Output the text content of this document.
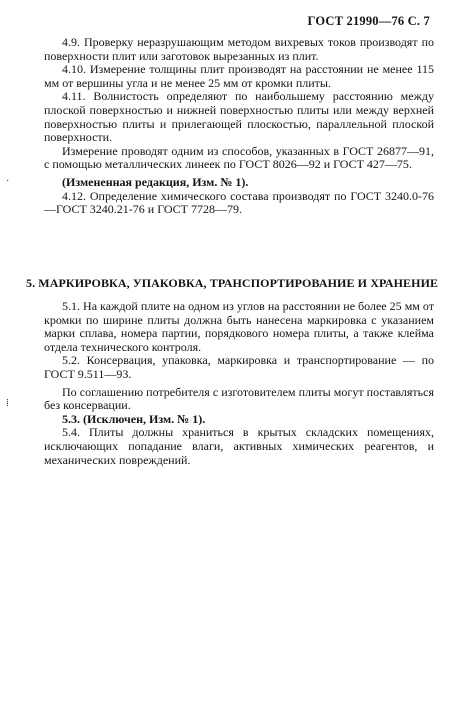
ГОСТ 21990—76 С. 7

4.9. Проверку неразрушающим методом вихревых токов производят по поверхности плит или заготовок вырезанных из плит.

4.10. Измерение толщины плит производят на расстоянии не менее 115 мм от вершины угла и не менее 25 мм от кромки плиты.

4.11. Волнистость определяют по наибольшему расстоянию между плоской поверхностью и нижней поверхностью плиты или между верхней поверхностью плиты и прилегающей плоскостью, параллельной плоской поверхности.

Измерение проводят одним из способов, указанных в ГОСТ 26877—91, с помощью металлических линеек по ГОСТ 8026—92 и ГОСТ 427—75.

(Измененная редакция, Изм. № 1).

4.12. Определение химического состава производят по ГОСТ 3240.0-76—ГОСТ 3240.21-76 и ГОСТ 7728—79.

5. МАРКИРОВКА, УПАКОВКА, ТРАНСПОРТИРОВАНИЕ И ХРАНЕНИЕ

5.1. На каждой плите на одном из углов на расстоянии не более 25 мм от кромки по ширине плиты должна быть нанесена маркировка с указанием марки сплава, номера партии, порядкового номера плиты, а также клейма отдела технического контроля.

5.2. Консервация, упаковка, маркировка и транспортирование — по ГОСТ 9.511—93.

По соглашению потребителя с изготовителем плиты могут поставляться без консервации.

5.3. (Исключен, Изм. № 1).

5.4. Плиты должны храниться в крытых складских помещениях, исключающих попадание влаги, активных химических реагентов, и механических повреждений.

·
⁞
